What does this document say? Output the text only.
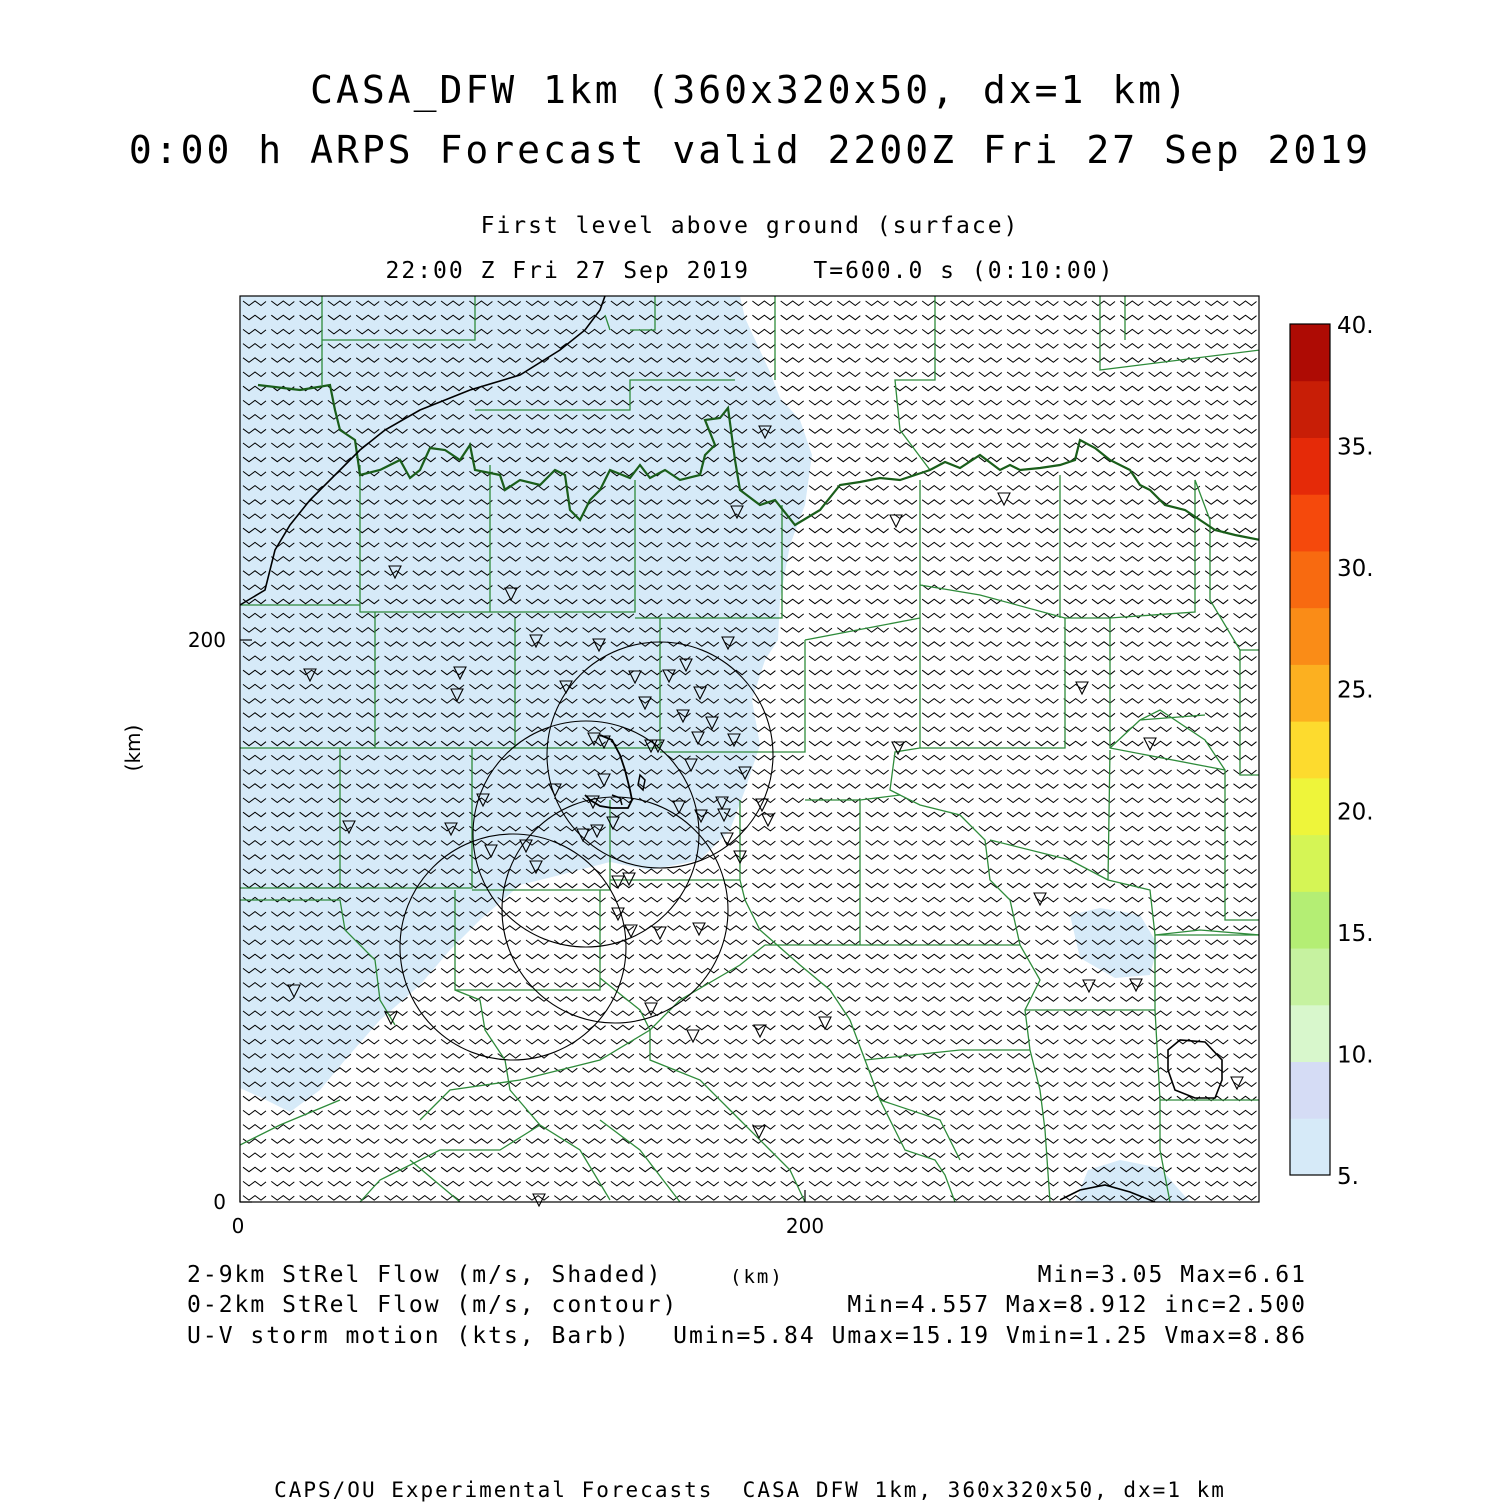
CASA_DFW 1km (360x320x50, dx=1 km)
0:00 h ARPS Forecast valid 2200Z Fri 27 Sep 2019
First level above ground (surface)
22:00 Z Fri 27 Sep 2019    T=600.0 s (0:10:00)
0	200
0
200
(km)
5.
10.
15.
20.
25.
30.
35.
40.
2-9km StRel Flow (m/s, Shaded)
0-2km StRel Flow (m/s, contour)
U-V storm motion (kts, Barb)
(km)	Min=3.05 Max=6.61
Min=4.557 Max=8.912 inc=2.500
Umin=5.84 Umax=15.19 Vmin=1.25 Vmax=8.86
CAPS/OU Experimental Forecasts  CASA DFW 1km, 360x320x50, dx=1 km
